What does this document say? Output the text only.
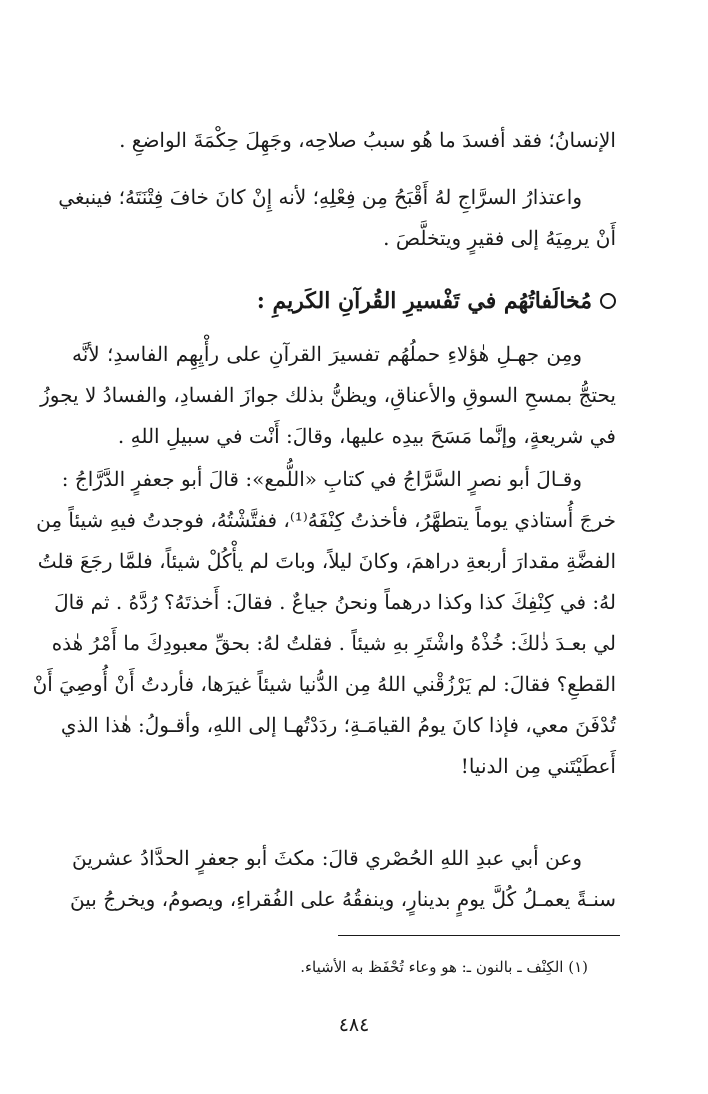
الإنسانُ؛ فقد أفسدَ ما هُو سببُ صلاحِه، وجَهِلَ حِكْمَةَ الواضعِ .
واعتذارُ السرَّاجِ لهُ أَقْبَحُ مِن فِعْلِهِ؛ لأنه إِنْ كانَ خافَ فِتْنَتَهُ؛ فينبغي
أَنْ يرمِيَهُ إلى فقيرٍ ويتخلَّصَ .
مُخالَفاتُهُم في تَفْسيرِ القُرآنِ الكَريمِ :
ومِن جهـلِ هٰؤلاءِ حملُهُم تفسيرَ القرآنِ على رأْيِهِم الفاسدِ؛ لأنَّه
يحتجُّ بمسحِ السوقِ والأعناقِ، ويظنُّ بذلك جوازَ الفسادِ، والفسادُ لا يجوزُ
في شريعةٍ، وإنَّما مَسَحَ بيدِه عليها، وقالَ: أَنْت في سبيلِ اللهِ .
وقـالَ أبو نصرٍ السَّرَّاجُ في كتابِ «اللُّمع»: قالَ أبو جعفرٍ الدَّرَّاجُ :
خرجَ أُستاذي يوماً يتطهَّرُ، فأخذتُ كِنْفَهُ⁽¹⁾، ففتَّشْتُهُ، فوجدتُ فيهِ شيئاً مِن
الفضَّةِ مقدارَ أربعةِ دراهمَ، وكانَ ليلاً، وباتَ لم يأْكُلْ شيئاً، فلمَّا رجَعَ قلتُ
لهُ: في كِنْفِكَ كذا وكذا درهماً ونحنُ جياعٌ . فقالَ: أَخذتَهُ؟ رُدَّهُ . ثم قالَ
لي بعـدَ ذٰلكَ: خُذْهُ واشْتَرِ بهِ شيئاً . فقلتُ لهُ: بحقِّ معبودِكَ ما أَمْرُ هٰذه
القطعِ؟ فقالَ: لم يَرْزُقْني اللهُ مِن الدُّنيا شيئاً غيرَها، فأردتُ أَنْ أُوصِيَ أَنْ
تُدْفَنَ معي، فإذا كانَ يومُ القيامَـةِ؛ ردَدْتُهـا إلى اللهِ، وأقـولُ: هٰذا الذي
أَعطَيْتَني مِن الدنيا!
وعن أبي عبدِ اللهِ الحُصْري قالَ: مكثَ أبو جعفرٍ الحدَّادُ عشرينَ
سنـةً يعمـلُ كُلَّ يومٍ بدينارٍ، وينفقُهُ على الفُقراءِ، ويصومُ، ويخرجُ بينَ
(١) الكِنْف ـ بالنون ـ: هو وعاء تُحْفَظ به الأشياء.
٤٨٤
